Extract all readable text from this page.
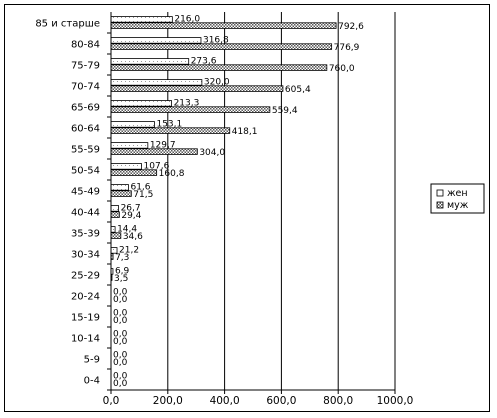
0,0
0,0
0,0
0,0
0,0
0,0
0,0
0,0
0,0
0,0
6,9
3,5
21,2
7,3
14,4
34,6
26,7
29,4
61,6
71,5
107,6
160,8
129,7
304,0
153,1
418,1
213,3
559,4
320,0
605,4
273,6
760,0
316,8
776,9
216,0
792,6
0,0	200,0	400,0	600,0	800,0 1000,0
0-4
5-9
10-14
15-19
20-24
25-29
30-34
35-39
40-44
45-49
50-54
55-59
60-64
65-69
70-74
75-79
80-84
85 и старше
жен
муж
